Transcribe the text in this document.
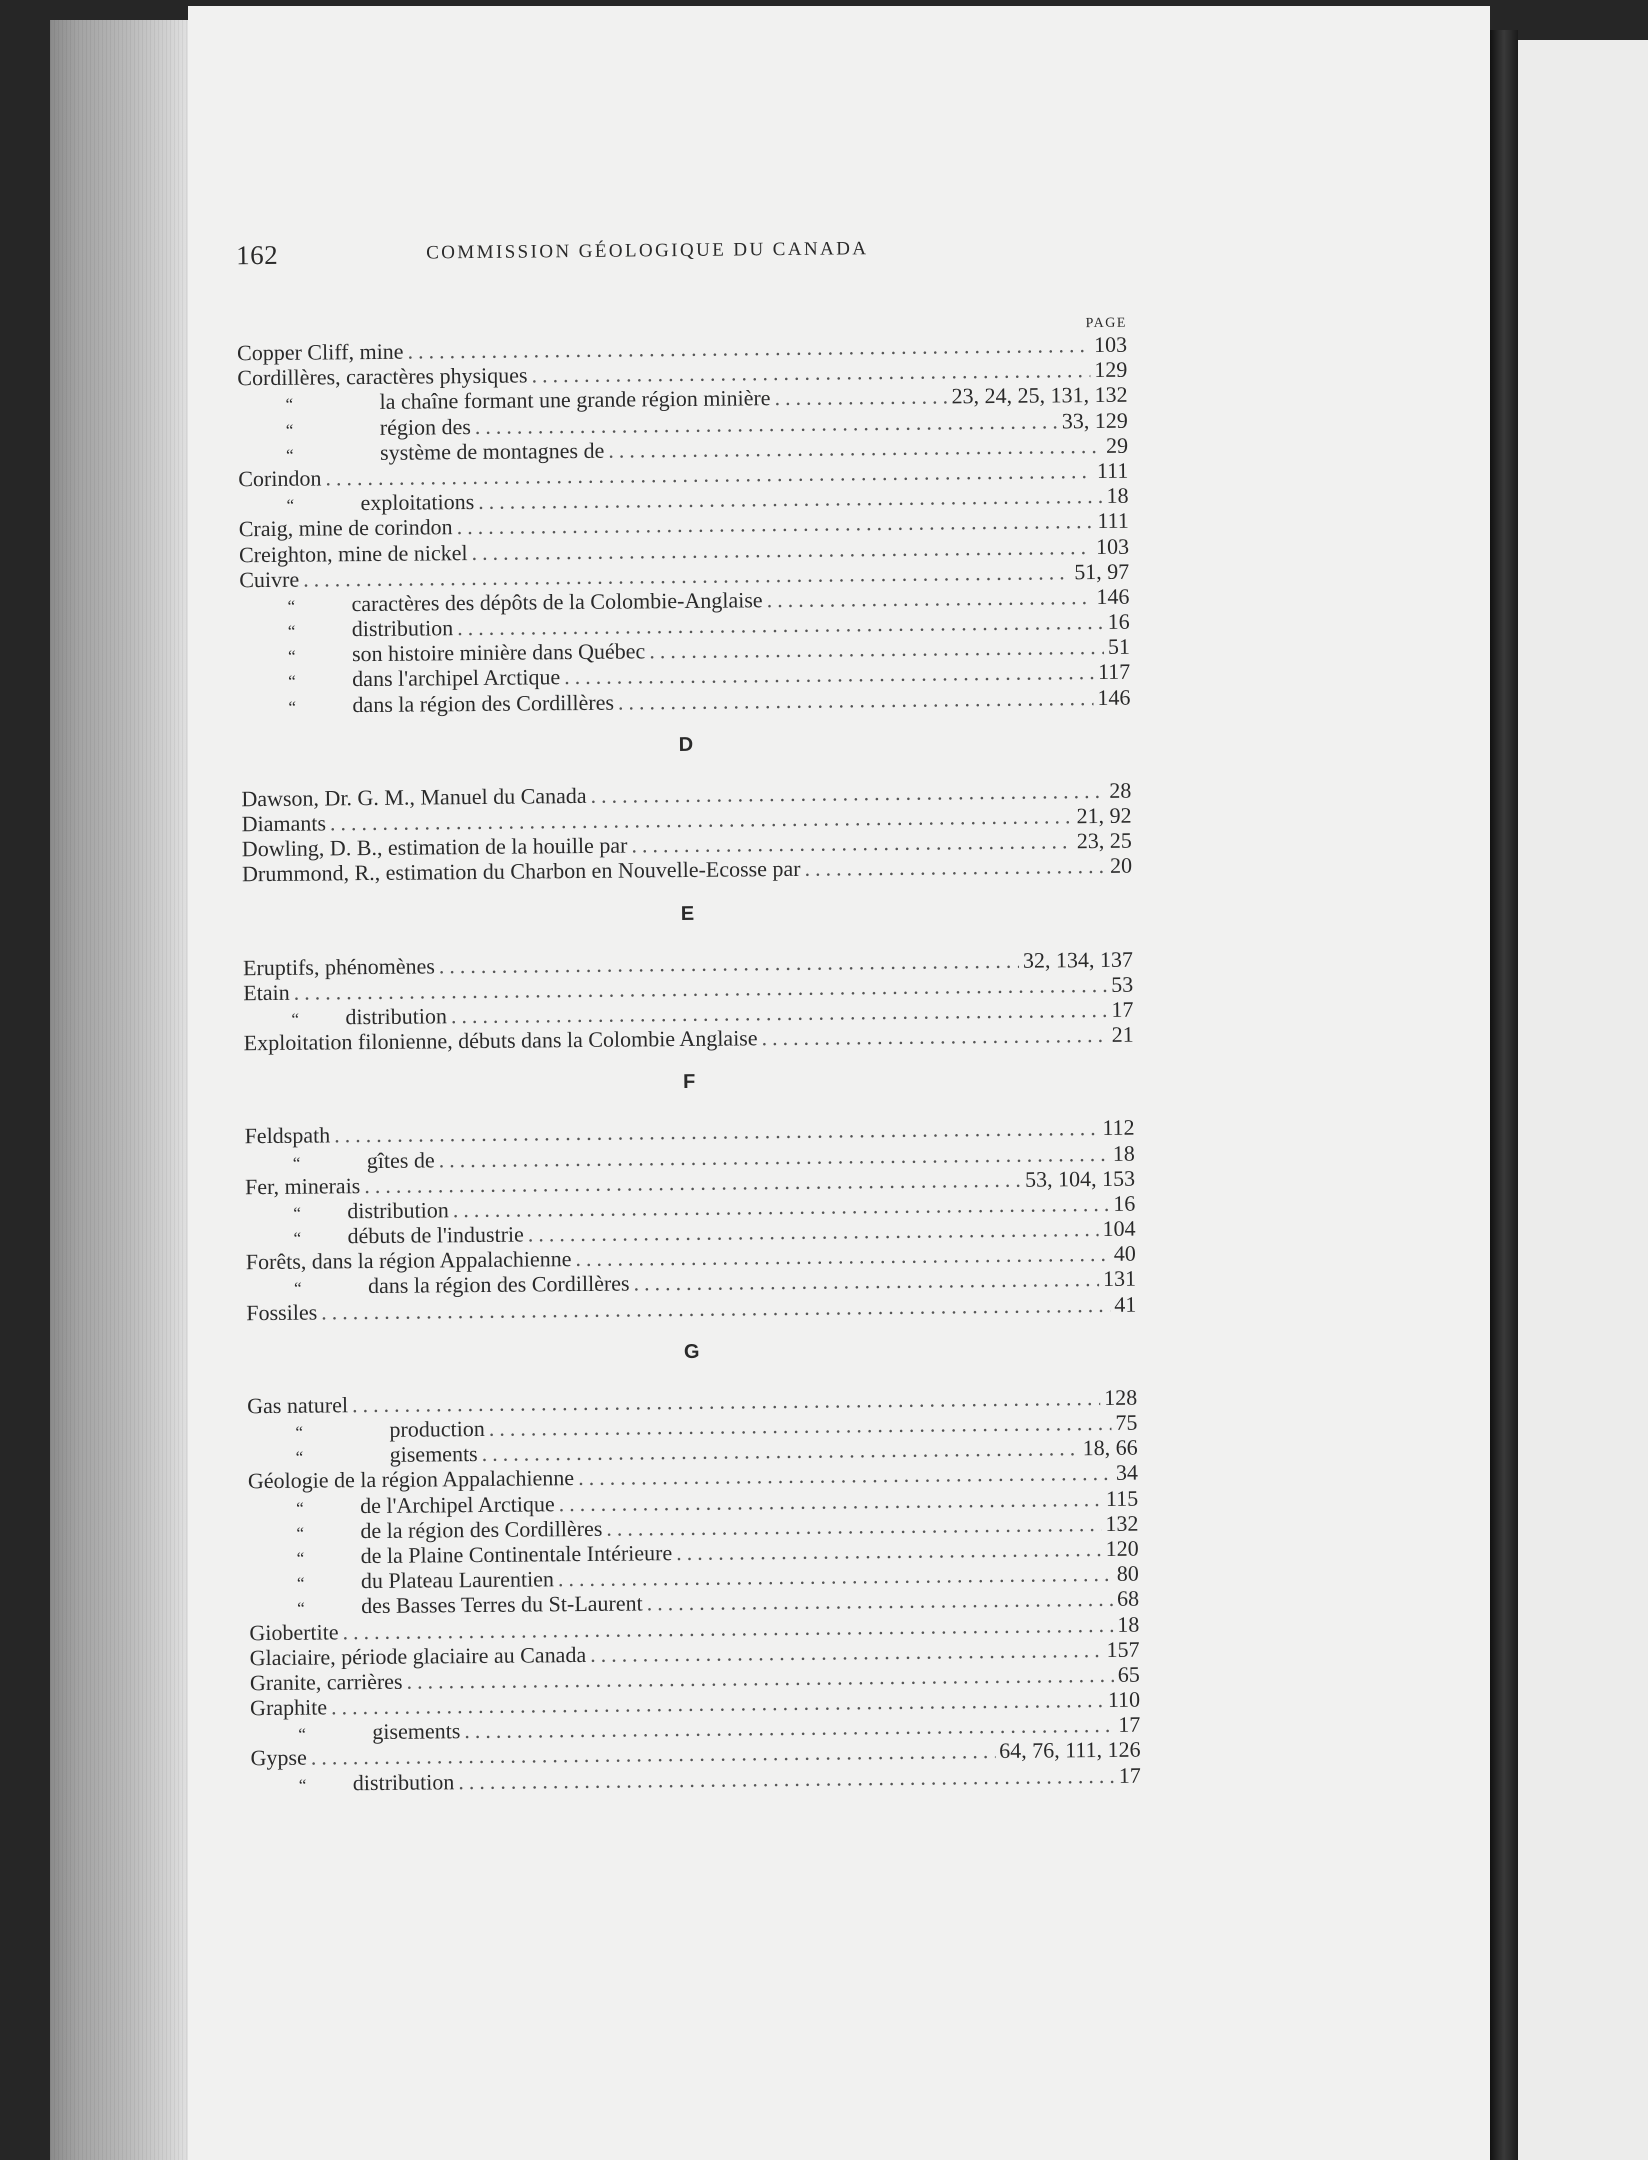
162	COMMISSION GÉOLOGIQUE DU CANADA
PAGE
Copper Cliff, mine .....	103
Cordillères, caractères physiques .....	129
“	la chaîne formant une grande région minière .....	23, 24, 25, 131, 132
“	région des .....	33, 129
“	système de montagnes de .....	29
Corindon .....	111
“	exploitations .....	18
Craig, mine de corindon .....	111
Creighton, mine de nickel .....	103
Cuivre .....	51, 97
“	caractères des dépôts de la Colombie-Anglaise .....	146
“	distribution .....	16
“	son histoire minière dans Québec .....	51
“	dans l'archipel Arctique .....	117
“	dans la région des Cordillères .....	146
D
Dawson, Dr. G. M., Manuel du Canada .....	28
Diamants .....	21, 92
Dowling, D. B., estimation de la houille par .....	23, 25
Drummond, R., estimation du Charbon en Nouvelle-Ecosse par .....	20
E
Eruptifs, phénomènes .....	32, 134, 137
Etain .....	53
“	distribution .....	17
Exploitation filonienne, débuts dans la Colombie Anglaise .....	21
F
Feldspath .....	112
“	gîtes de .....	18
Fer, minerais .....	53, 104, 153
“	distribution .....	16
“	débuts de l'industrie .....	104
Forêts, dans la région Appalachienne .....	40
“	dans la région des Cordillères .....	131
Fossiles .....	41
G
Gas naturel .....	128
“	production .....	75
“	gisements .....	18, 66
Géologie de la région Appalachienne .....	34
“	de l'Archipel Arctique .....	115
“	de la région des Cordillères .....	132
“	de la Plaine Continentale Intérieure .....	120
“	du Plateau Laurentien .....	80
“	des Basses Terres du St-Laurent .....	68
Giobertite .....	18
Glaciaire, période glaciaire au Canada .....	157
Granite, carrières .....	65
Graphite .....	110
“	gisements .....	17
Gypse .....	64, 76, 111, 126
“	distribution .....	17
